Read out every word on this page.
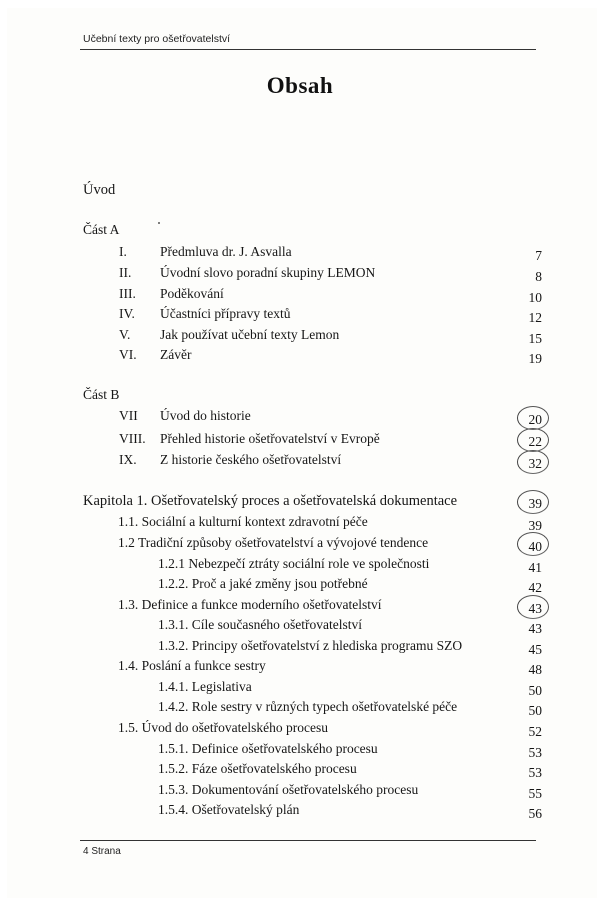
Učební texty pro ošetřovatelství
Obsah
Úvod
Část A
I. Předmluva dr. J. Asvalla	7
II. Úvodní slovo poradní skupiny LEMON	8
III. Poděkování	10
IV. Účastníci přípravy textů	12
V. Jak používat učební texty Lemon	15
VI. Závěr	19
Část B
VII Úvod do historie	20
VIII. Přehled historie ošetřovatelství v Evropě	22
IX. Z historie českého ošetřovatelství	32
Kapitola 1. Ošetřovatelský proces a ošetřovatelská dokumentace	39
1.1. Sociální a kulturní kontext zdravotní péče	39
1.2 Tradiční způsoby ošetřovatelství a vývojové tendence	40
1.2.1 Nebezpečí ztráty sociální role ve společnosti	41
1.2.2. Proč a jaké změny jsou potřebné	42
1.3. Definice a funkce moderního ošetřovatelství	43
1.3.1. Cíle současného ošetřovatelství	43
1.3.2. Principy ošetřovatelství z hlediska programu SZO	45
1.4. Poslání a funkce sestry	48
1.4.1. Legislativa	50
1.4.2. Role sestry v různých typech ošetřovatelské péče	50
1.5. Úvod do ošetřovatelského procesu	52
1.5.1. Definice ošetřovatelského procesu	53
1.5.2. Fáze ošetřovatelského procesu	53
1.5.3. Dokumentování ošetřovatelského procesu	55
1.5.4. Ošetřovatelský plán	56
4 Strana
